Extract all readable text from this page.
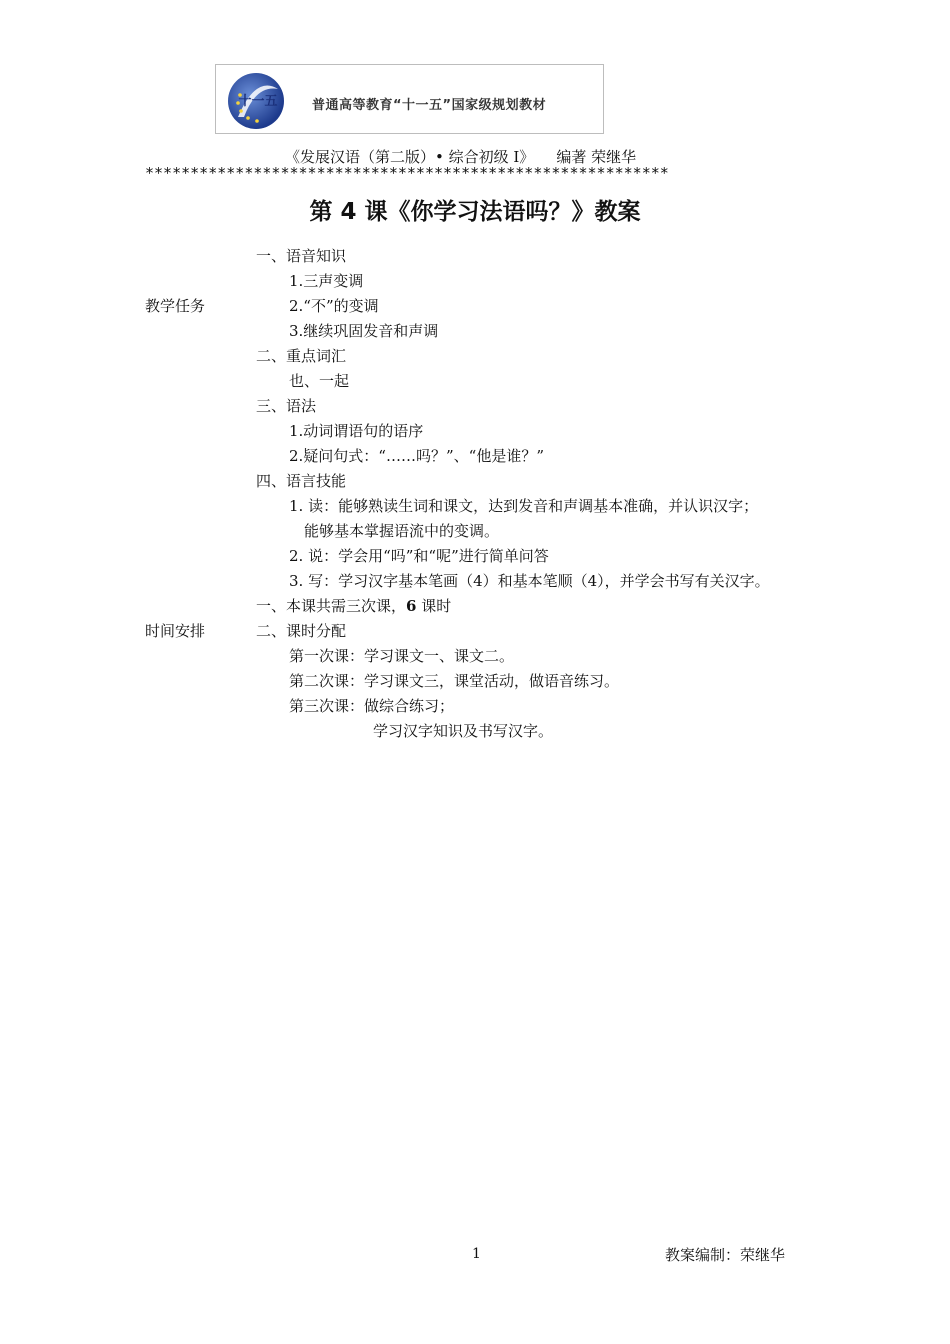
十一五	普通高等教育“十一五”国家级规划教材
《发展汉语（第二版）• 综合初级 I》 编著 荣继华
**********************************************************
第 4 课《你学习法语吗？》教案
教学任务
时间安排
一、语音知识
1.三声变调
2.“不”的变调
3.继续巩固发音和声调
二、重点词汇
也、一起
三、语法
1.动词谓语句的语序
2.疑问句式：“……吗？”、“他是谁？”
四、语言技能
1. 读：能够熟读生词和课文，达到发音和声调基本准确，并认识汉字；
能够基本掌握语流中的变调。
2. 说：学会用“吗”和“呢”进行简单问答
3. 写：学习汉字基本笔画（4）和基本笔顺（4），并学会书写有关汉字。
一、本课共需三次课，6 课时
二、课时分配
第一次课：学习课文一、课文二。
第二次课：学习课文三，课堂活动，做语音练习。
第三次课：做综合练习；
学习汉字知识及书写汉字。
1	教案编制：荣继华
